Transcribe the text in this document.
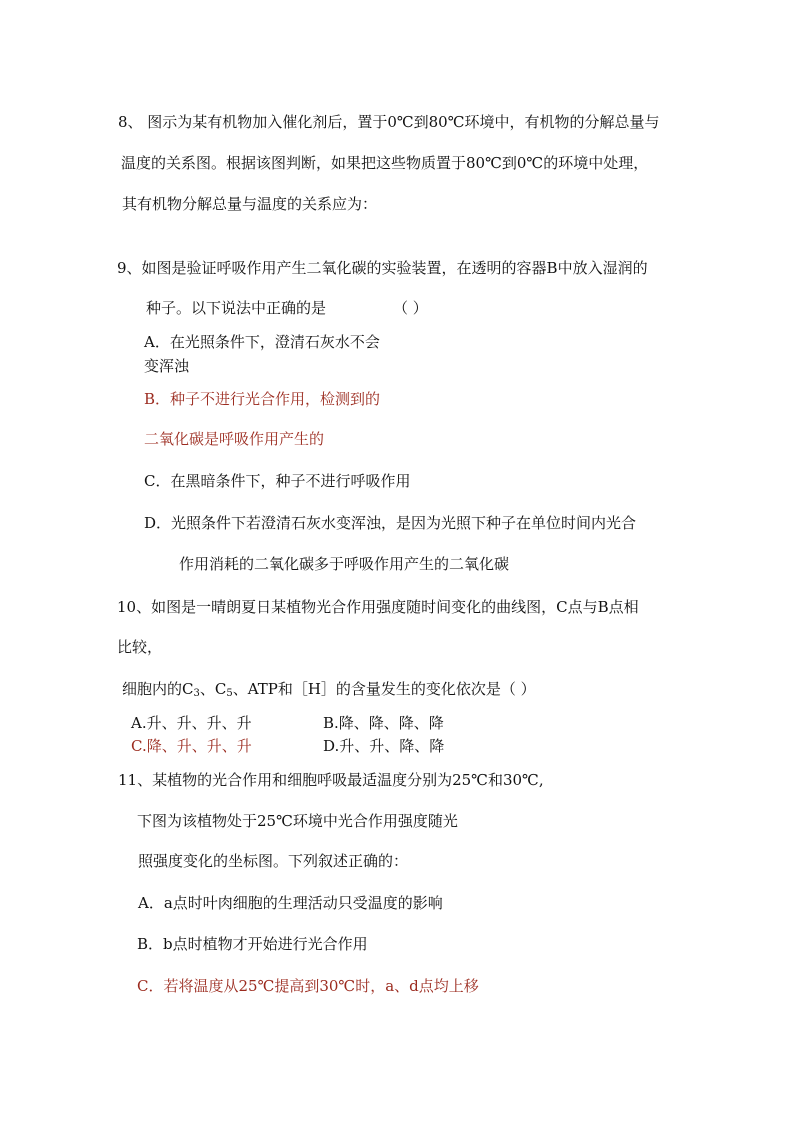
8、 图示为某有机物加入催化剂后，置于0℃到80℃环境中，有机物的分解总量与
温度的关系图。根据该图判断，如果把这些物质置于80℃到0℃的环境中处理，
其有机物分解总量与温度的关系应为：
9、如图是验证呼吸作用产生二氧化碳的实验装置，在透明的容器B中放入湿润的
种子。以下说法中正确的是	（ ）
A．在光照条件下，澄清石灰水不会
变浑浊
B．种子不进行光合作用，检测到的
二氧化碳是呼吸作用产生的
C．在黑暗条件下，种子不进行呼吸作用
D．光照条件下若澄清石灰水变浑浊，是因为光照下种子在单位时间内光合
作用消耗的二氧化碳多于呼吸作用产生的二氧化碳
10、如图是一晴朗夏日某植物光合作用强度随时间变化的曲线图，C点与B点相
比较，
细胞内的$C_3$、$C_5$、ATP和［H］的含量发生的变化依次是（ ）
A.升、升、升、升	B.降、降、降、降
C.降、升、升、升	D.升、升、降、降
11、某植物的光合作用和细胞呼吸最适温度分别为25℃和30℃,
下图为该植物处于25℃环境中光合作用强度随光
照强度变化的坐标图。下列叙述正确的：
A．a点时叶肉细胞的生理活动只受温度的影响
B．b点时植物才开始进行光合作用
C．若将温度从25℃提高到30℃时，a、d点均上移
